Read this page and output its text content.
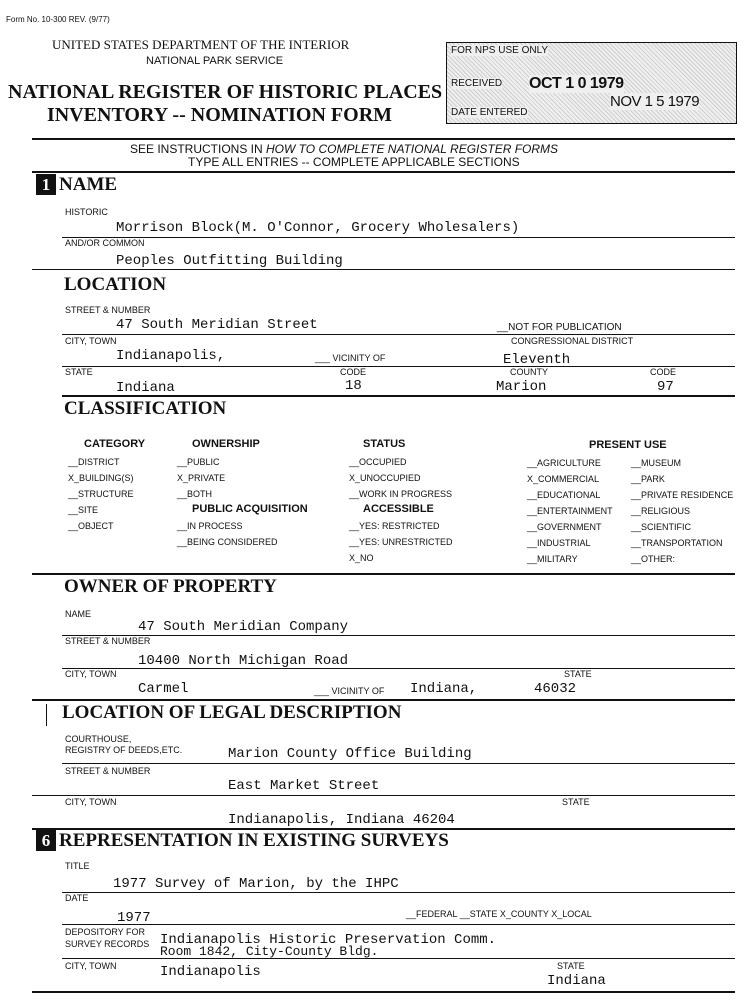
Form No. 10-300 REV. (9/77)
UNITED STATES DEPARTMENT OF THE INTERIOR
NATIONAL PARK SERVICE
NATIONAL REGISTER OF HISTORIC PLACES
INVENTORY -- NOMINATION FORM
FOR NPS USE ONLY
RECEIVED OCT 1 0 1979
NOV 1 5 1979
DATE ENTERED
SEE INSTRUCTIONS IN HOW TO COMPLETE NATIONAL REGISTER FORMS
TYPE ALL ENTRIES -- COMPLETE APPLICABLE SECTIONS
1 NAME
HISTORIC
Morrison Block(M. O'Connor, Grocery Wholesalers)
AND/OR COMMON
Peoples Outfitting Building
LOCATION
STREET & NUMBER
47 South Meridian Street	__NOT FOR PUBLICATION
CITY, TOWN	CONGRESSIONAL DISTRICT
Indianapolis,	___ VICINITY OF	Eleventh
STATE	CODE	COUNTY	CODE
Indiana	18	Marion	97
CLASSIFICATION
CATEGORY
__DISTRICT
X_BUILDING(S)
__STRUCTURE
__SITE
__OBJECT
OWNERSHIP
__PUBLIC
X_PRIVATE
__BOTH
PUBLIC ACQUISITION
__IN PROCESS
__BEING CONSIDERED
STATUS
__OCCUPIED
X_UNOCCUPIED
__WORK IN PROGRESS
ACCESSIBLE
__YES: RESTRICTED
__YES: UNRESTRICTED
X_NO
PRESENT USE
__AGRICULTURE
X_COMMERCIAL
__EDUCATIONAL
__ENTERTAINMENT
__GOVERNMENT
__INDUSTRIAL
__MILITARY
__MUSEUM
__PARK
__PRIVATE RESIDENCE
__RELIGIOUS
__SCIENTIFIC
__TRANSPORTATION
__OTHER:
OWNER OF PROPERTY
NAME
47 South Meridian Company
STREET & NUMBER
10400 North Michigan Road
CITY, TOWN	STATE
Carmel	___ VICINITY OF Indiana,	46032
LOCATION OF LEGAL DESCRIPTION
COURTHOUSE,
REGISTRY OF DEEDS,ETC.	Marion County Office Building
STREET & NUMBER
East Market Street
CITY, TOWN	STATE
Indianapolis, Indiana 46204
6 REPRESENTATION IN EXISTING SURVEYS
TITLE
1977 Survey of Marion, by the IHPC
DATE
1977	__FEDERAL __STATE X_COUNTY X_LOCAL
DEPOSITORY FOR
SURVEY RECORDS Indianapolis Historic Preservation Comm.
Room 1842, City-County Bldg.
CITY, TOWN	STATE
Indianapolis
Indiana
